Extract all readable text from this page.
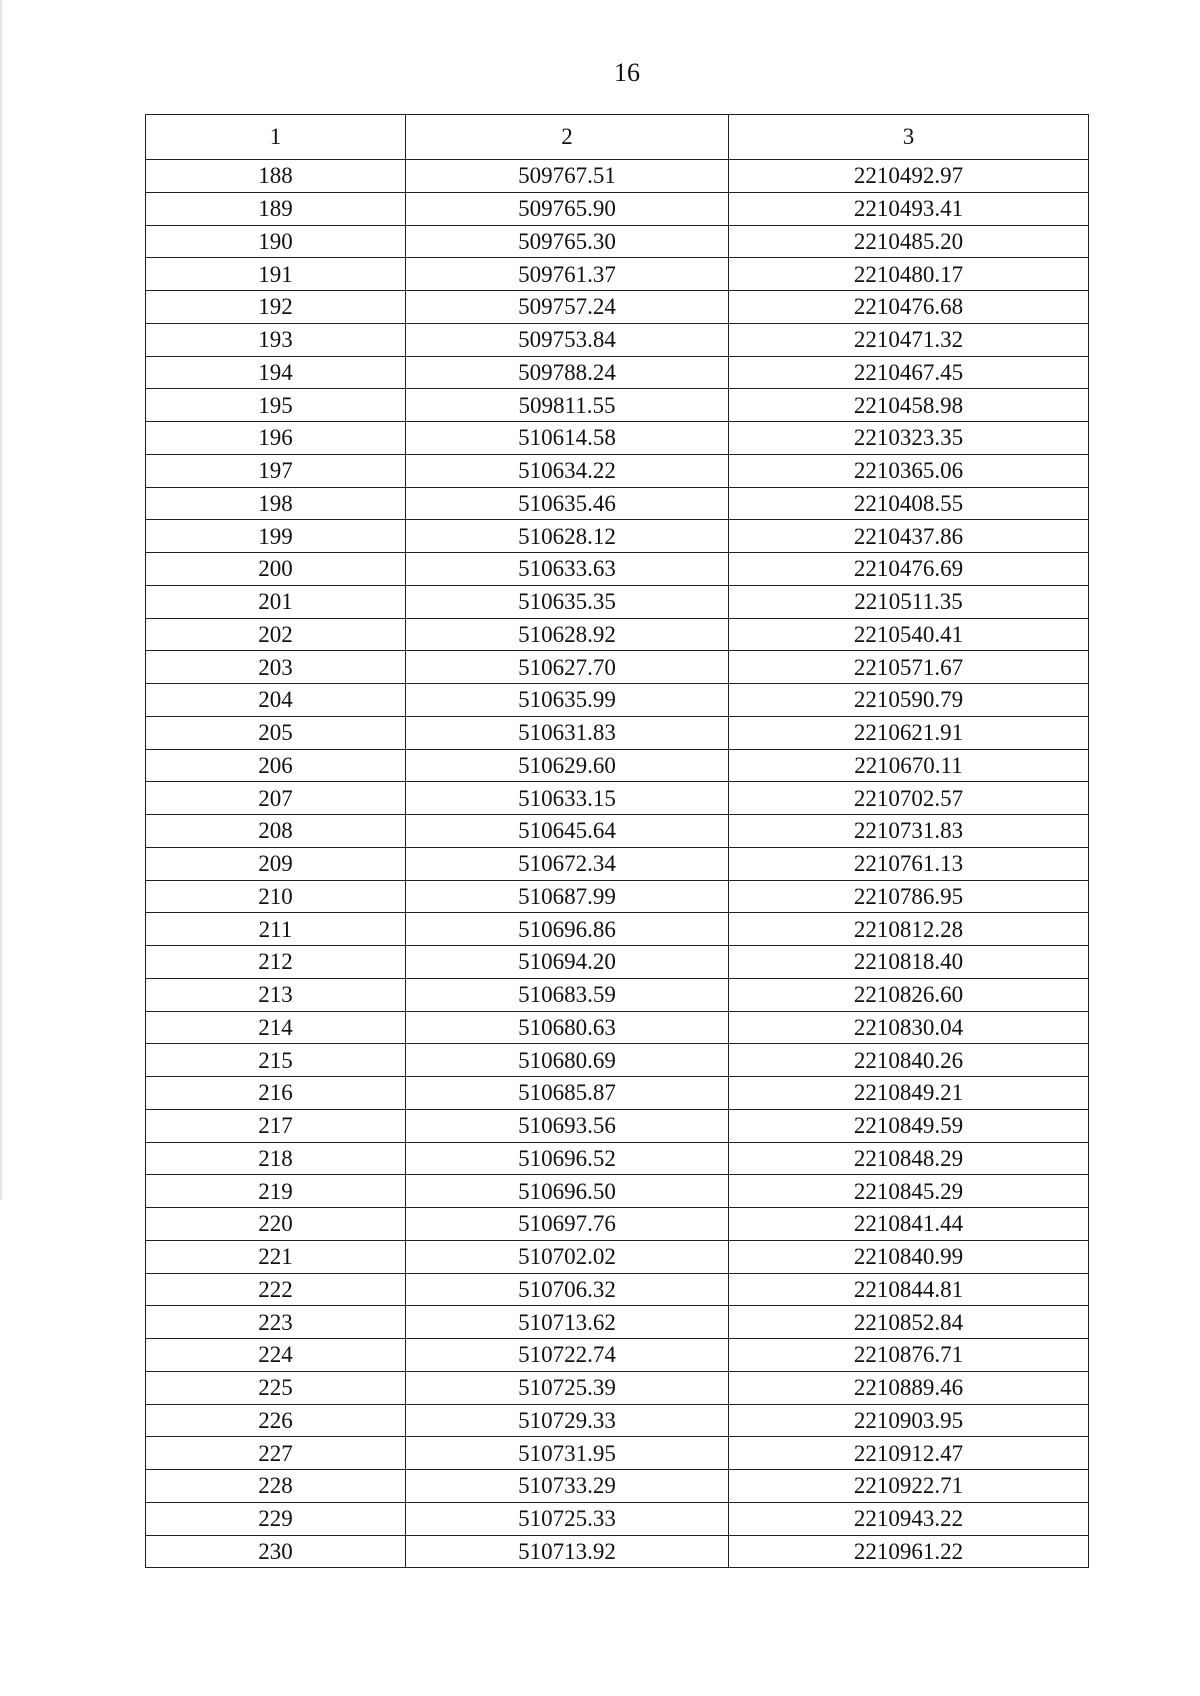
16
1	2	3
188	509767.51	2210492.97
189	509765.90	2210493.41
190	509765.30	2210485.20
191	509761.37	2210480.17
192	509757.24	2210476.68
193	509753.84	2210471.32
194	509788.24	2210467.45
195	509811.55	2210458.98
196	510614.58	2210323.35
197	510634.22	2210365.06
198	510635.46	2210408.55
199	510628.12	2210437.86
200	510633.63	2210476.69
201	510635.35	2210511.35
202	510628.92	2210540.41
203	510627.70	2210571.67
204	510635.99	2210590.79
205	510631.83	2210621.91
206	510629.60	2210670.11
207	510633.15	2210702.57
208	510645.64	2210731.83
209	510672.34	2210761.13
210	510687.99	2210786.95
211	510696.86	2210812.28
212	510694.20	2210818.40
213	510683.59	2210826.60
214	510680.63	2210830.04
215	510680.69	2210840.26
216	510685.87	2210849.21
217	510693.56	2210849.59
218	510696.52	2210848.29
219	510696.50	2210845.29
220	510697.76	2210841.44
221	510702.02	2210840.99
222	510706.32	2210844.81
223	510713.62	2210852.84
224	510722.74	2210876.71
225	510725.39	2210889.46
226	510729.33	2210903.95
227	510731.95	2210912.47
228	510733.29	2210922.71
229	510725.33	2210943.22
230	510713.92	2210961.22
